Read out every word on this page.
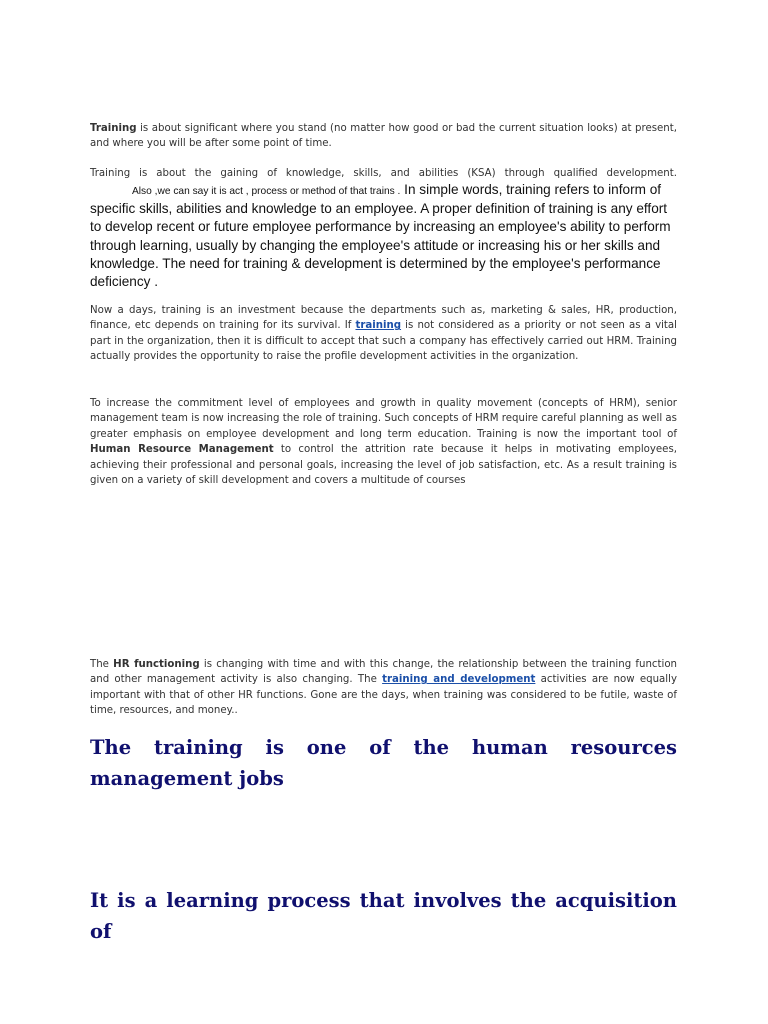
Training is about significant where you stand (no matter how good or bad the current situation looks) at present, and where you will be after some point of time.

Training is about the gaining of knowledge, skills, and abilities (KSA) through qualified development.

Also ,we can say it is act , process or method of that trains . In simple words, training refers to inform of specific skills, abilities and knowledge to an employee. A proper definition of training is any effort to develop recent or future employee performance by increasing an employee's ability to perform through learning, usually by changing the employee's attitude or increasing his or her skills and knowledge. The need for training & development is determined by the employee's performance deficiency .

Now a days, training is an investment because the departments such as, marketing & sales, HR, production, finance, etc depends on training for its survival. If training is not considered as a priority or not seen as a vital part in the organization, then it is difficult to accept that such a company has effectively carried out HRM. Training actually provides the opportunity to raise the profile development activities in the organization.

To increase the commitment level of employees and growth in quality movement (concepts of HRM), senior management team is now increasing the role of training. Such concepts of HRM require careful planning as well as greater emphasis on employee development and long term education. Training is now the important tool of Human Resource Management to control the attrition rate because it helps in motivating employees, achieving their professional and personal goals, increasing the level of job satisfaction, etc. As a result training is given on a variety of skill development and covers a multitude of courses

The HR functioning is changing with time and with this change, the relationship between the training function and other management activity is also changing. The training and development activities are now equally important with that of other HR functions. Gone are the days, when training was considered to be futile, waste of time, resources, and money..

The training is one of the human resources management jobs
It is a learning process that involves the acquisition of
